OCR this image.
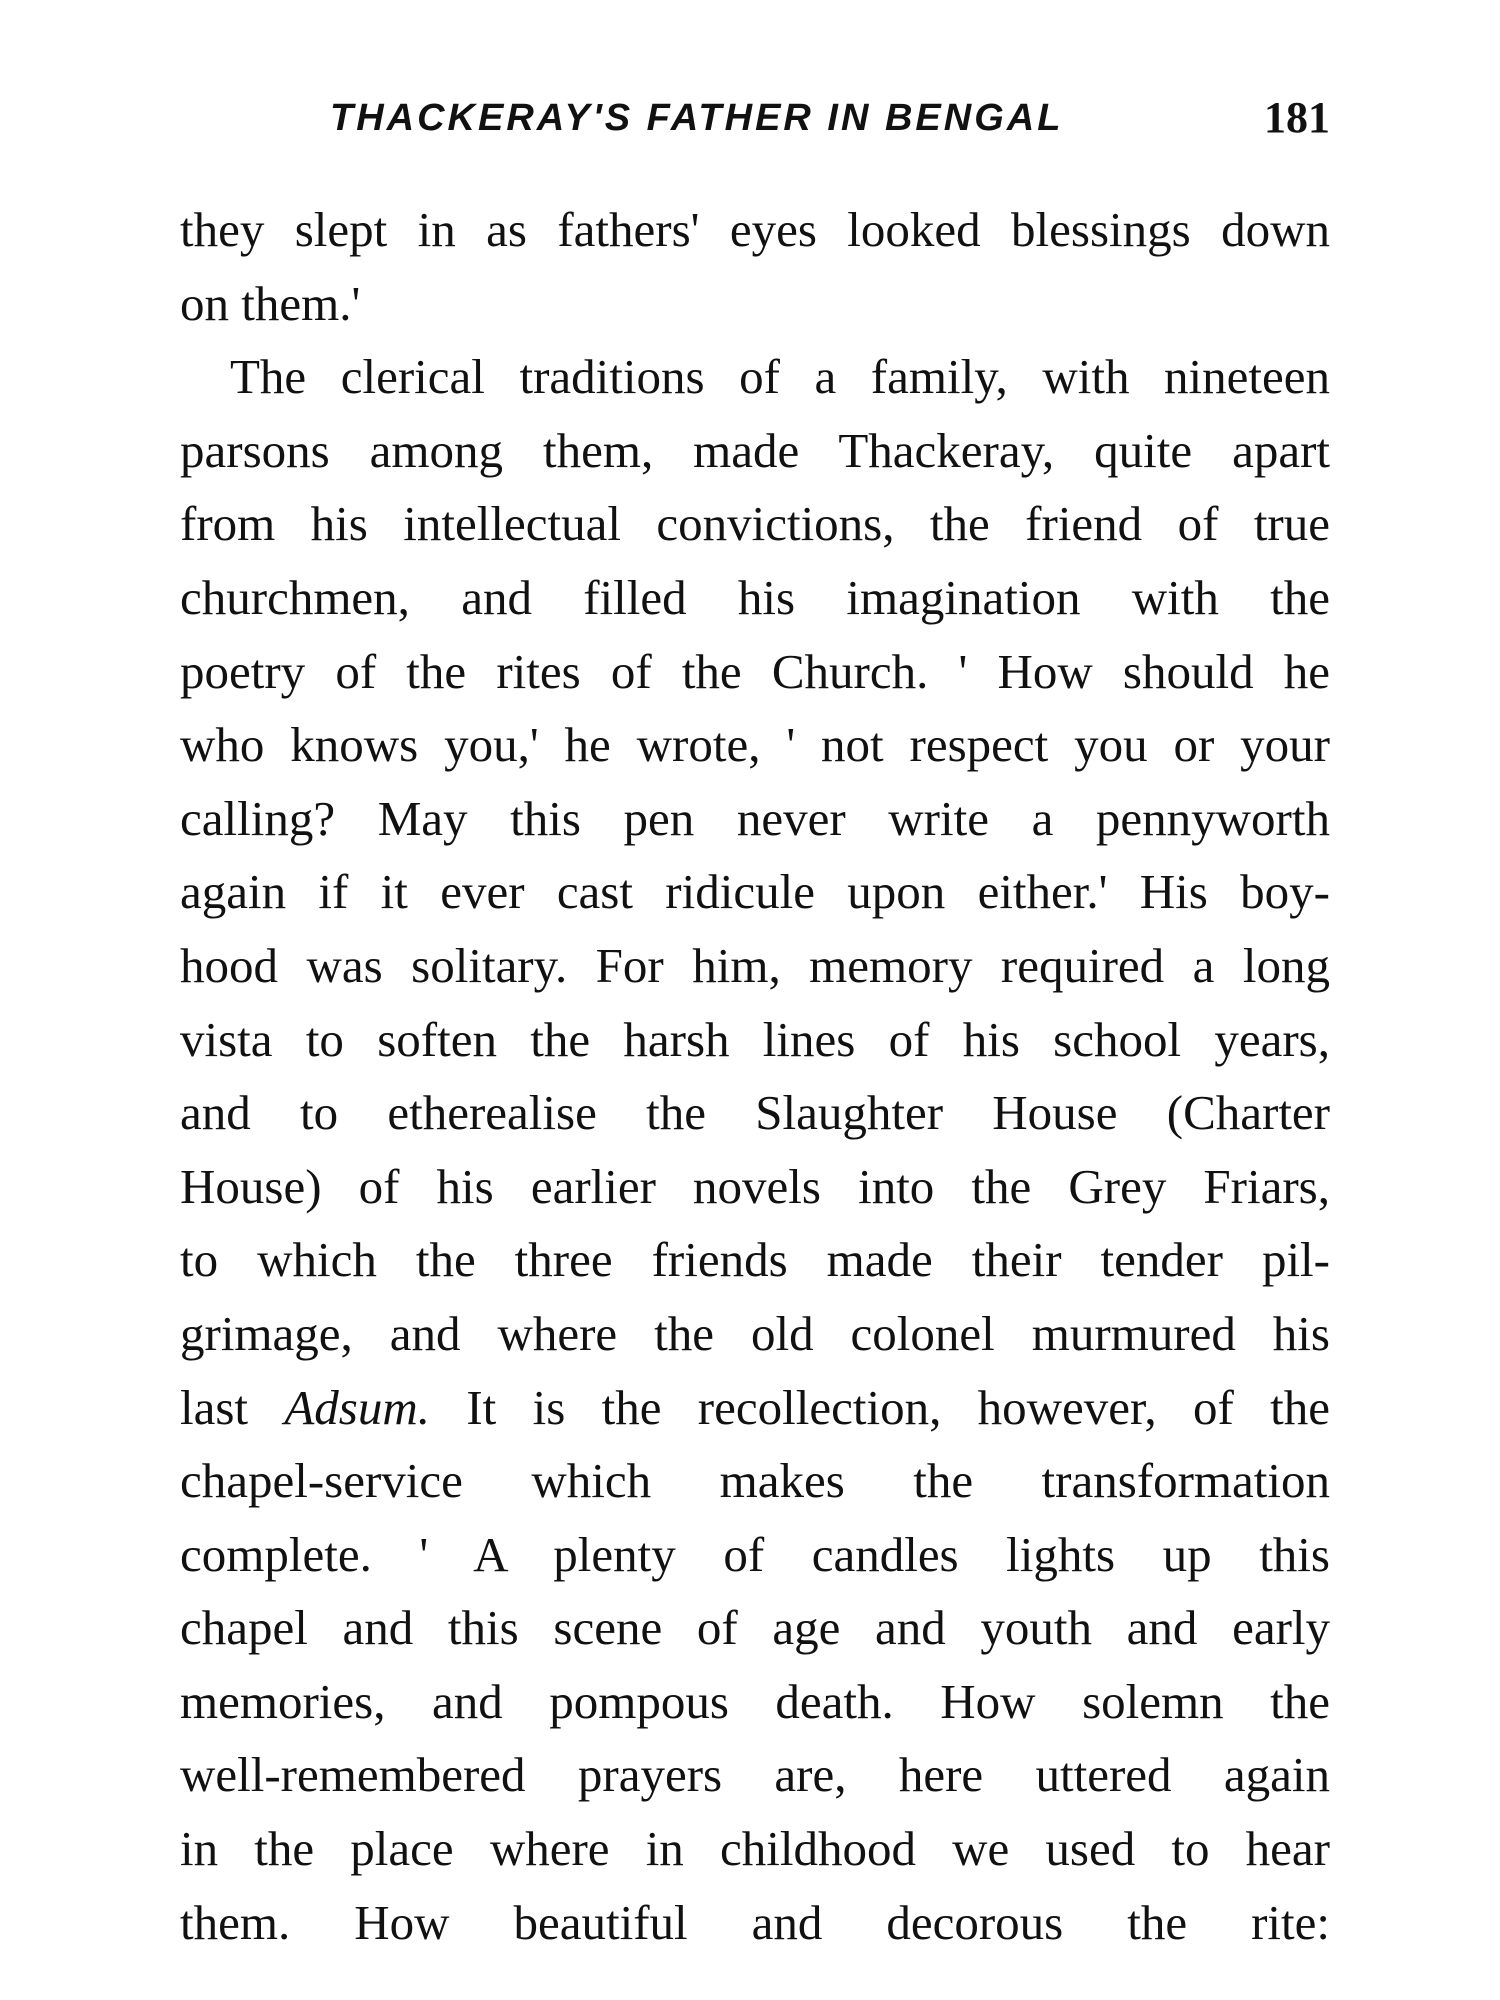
THACKERAY'S FATHER IN BENGAL	181
they slept in as fathers' eyes looked blessings down
on them.'
The clerical traditions of a family, with nineteen
parsons among them, made Thackeray, quite apart
from his intellectual convictions, the friend of true
churchmen, and filled his imagination with the
poetry of the rites of the Church. ' How should he
who knows you,' he wrote, ' not respect you or your
calling? May this pen never write a pennyworth
again if it ever cast ridicule upon either.' His boy-
hood was solitary. For him, memory required a long
vista to soften the harsh lines of his school years,
and to etherealise the Slaughter House (Charter
House) of his earlier novels into the Grey Friars,
to which the three friends made their tender pil-
grimage, and where the old colonel murmured his
last Adsum. It is the recollection, however, of the
chapel-service which makes the transformation
complete. ' A plenty of candles lights up this
chapel and this scene of age and youth and early
memories, and pompous death. How solemn the
well-remembered prayers are, here uttered again
in the place where in childhood we used to hear
them. How beautiful and decorous the rite:
